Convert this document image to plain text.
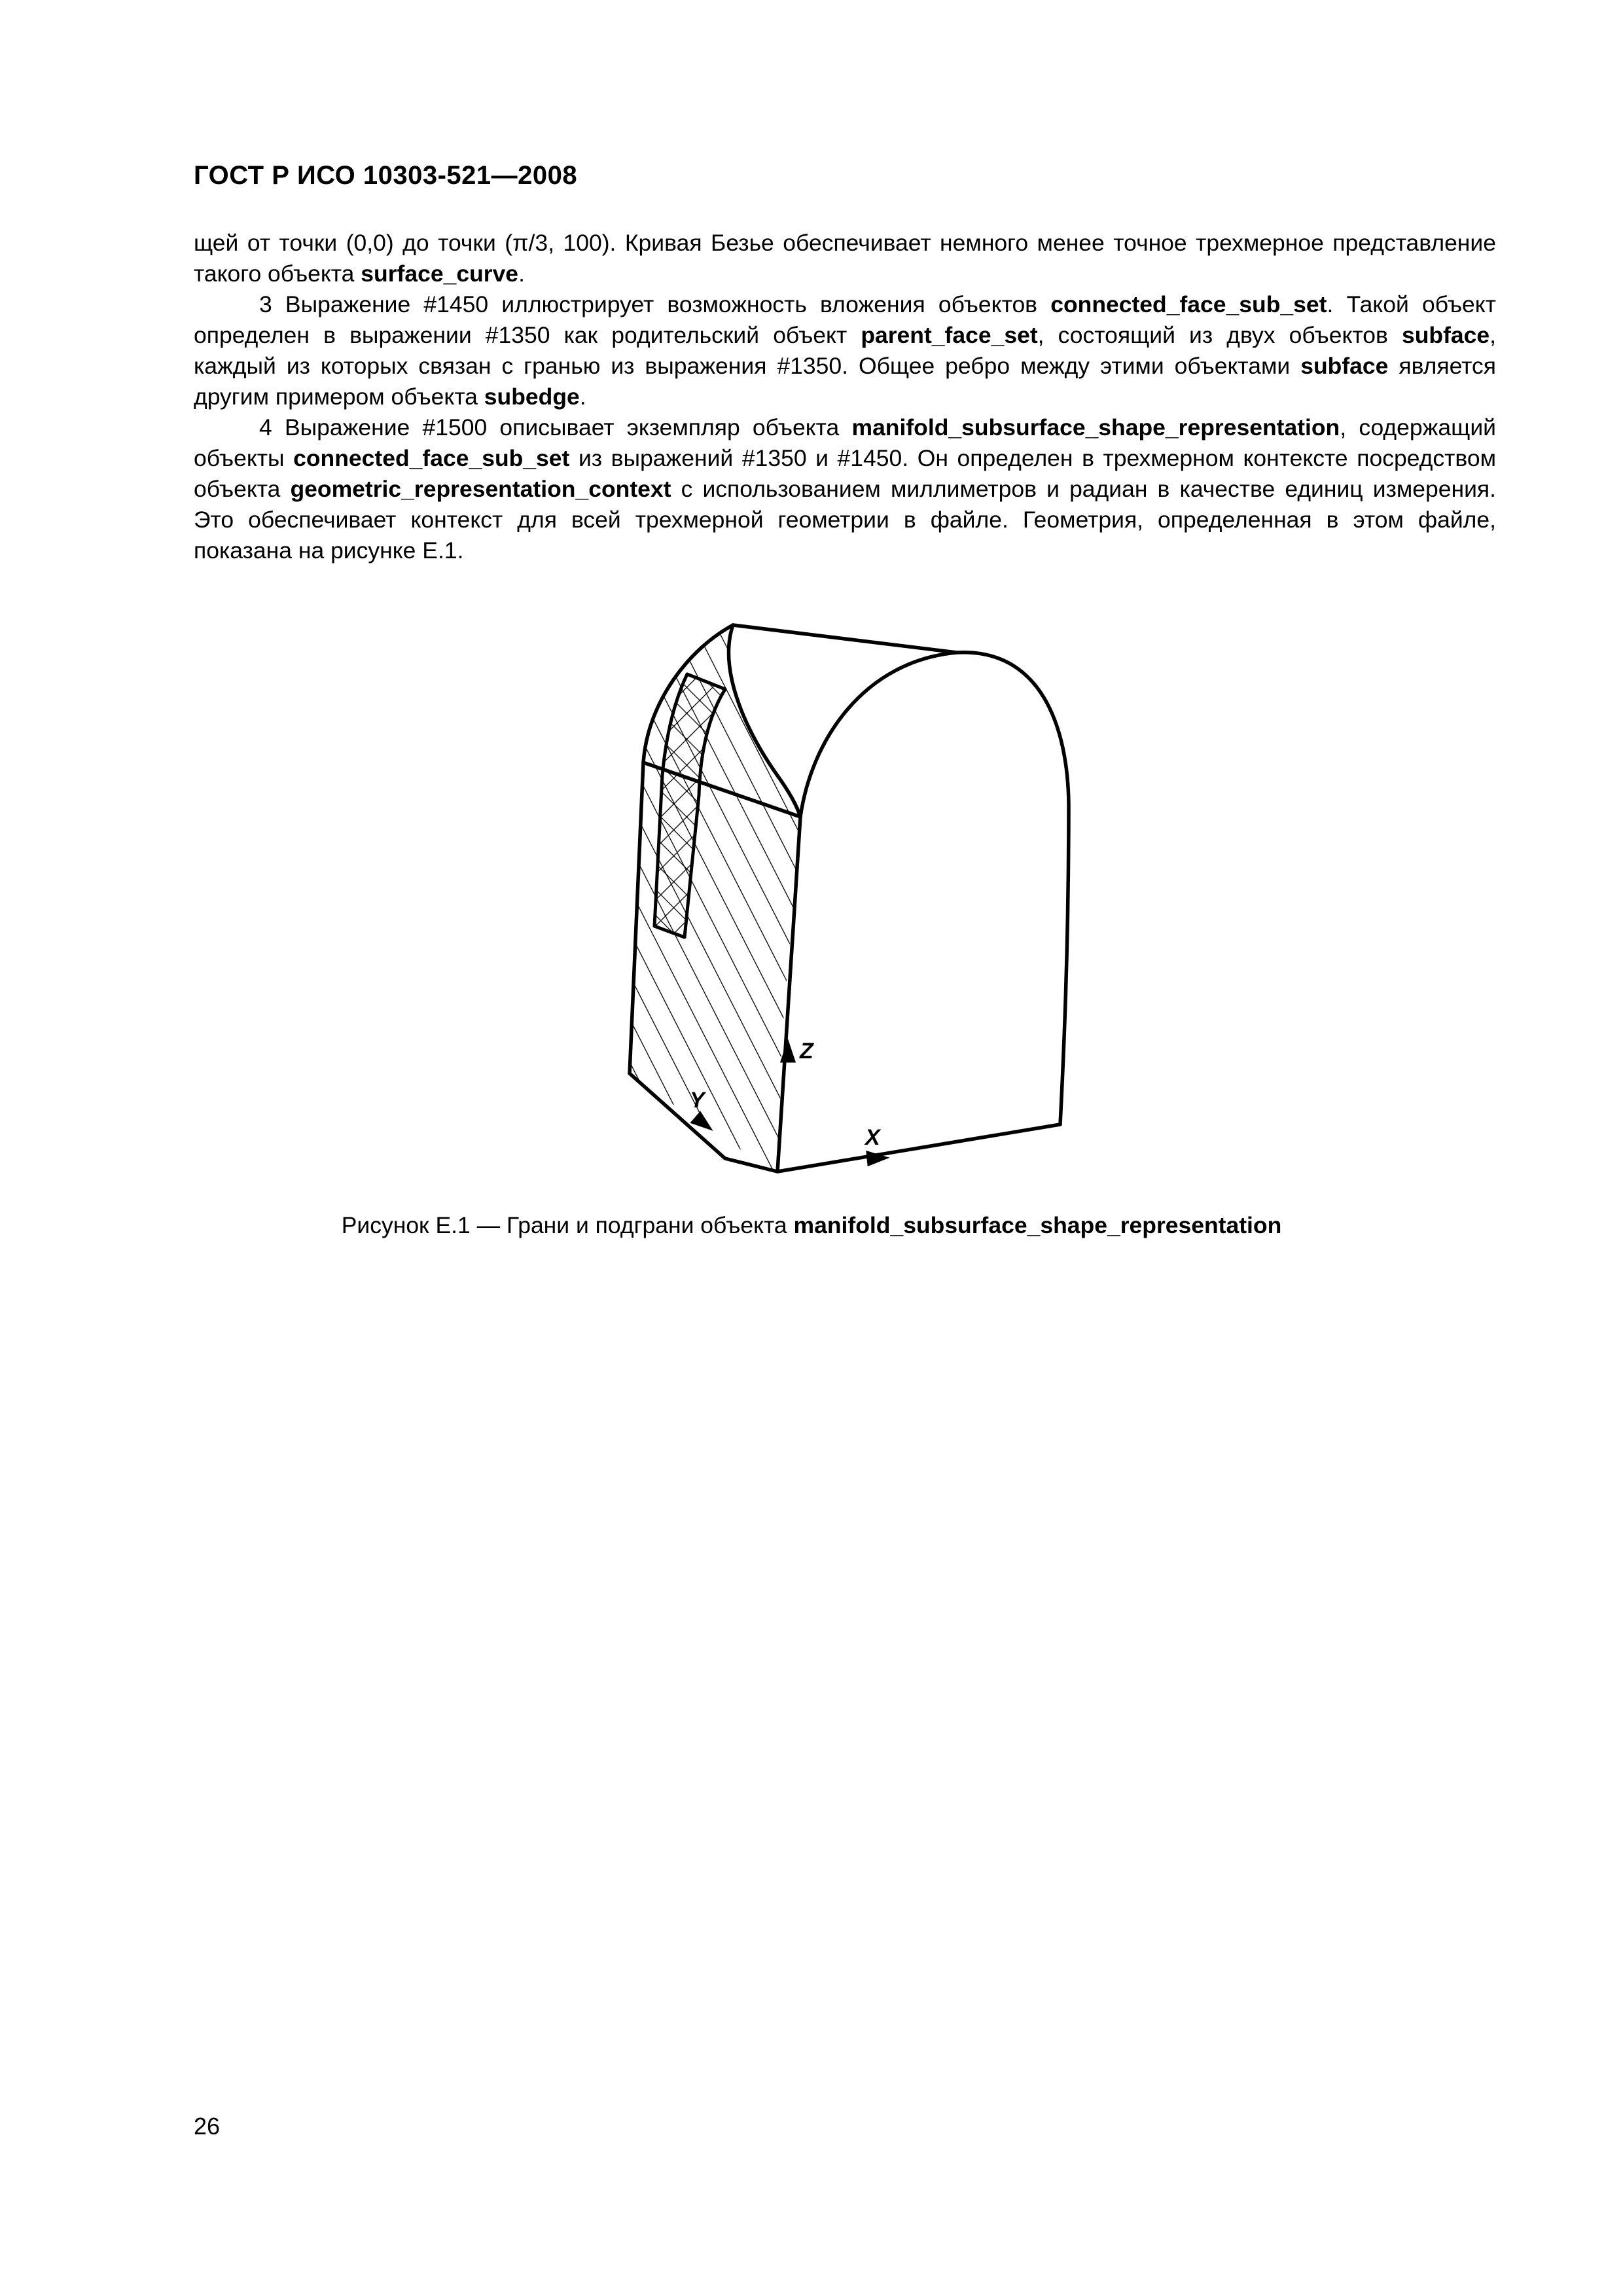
ГОСТ Р ИСО 10303-521—2008

щей от точки (0,0) до точки (π/3, 100). Кривая Безье обеспечивает немного менее точное трехмерное представление такого объекта surface_curve.

3 Выражение #1450 иллюстрирует возможность вложения объектов connected_face_sub_set. Такой объект определен в выражении #1350 как родительский объект parent_face_set, состоящий из двух объектов subface, каждый из которых связан с гранью из выражения #1350. Общее ребро между этими объектами subface является другим примером объекта subedge.

4 Выражение #1500 описывает экземпляр объекта manifold_subsurface_shape_representation, содержащий объекты connected_face_sub_set из выражений #1350 и #1450. Он определен в трехмерном контексте посредством объекта geometric_representation_context с использованием миллиметров и радиан в качестве единиц измерения. Это обеспечивает контекст для всей трехмерной геометрии в файле. Геометрия, определенная в этом файле, показана на рисунке Е.1.

Z
X
Y
Рисунок Е.1 — Грани и подграни объекта manifold_subsurface_shape_representation
26
